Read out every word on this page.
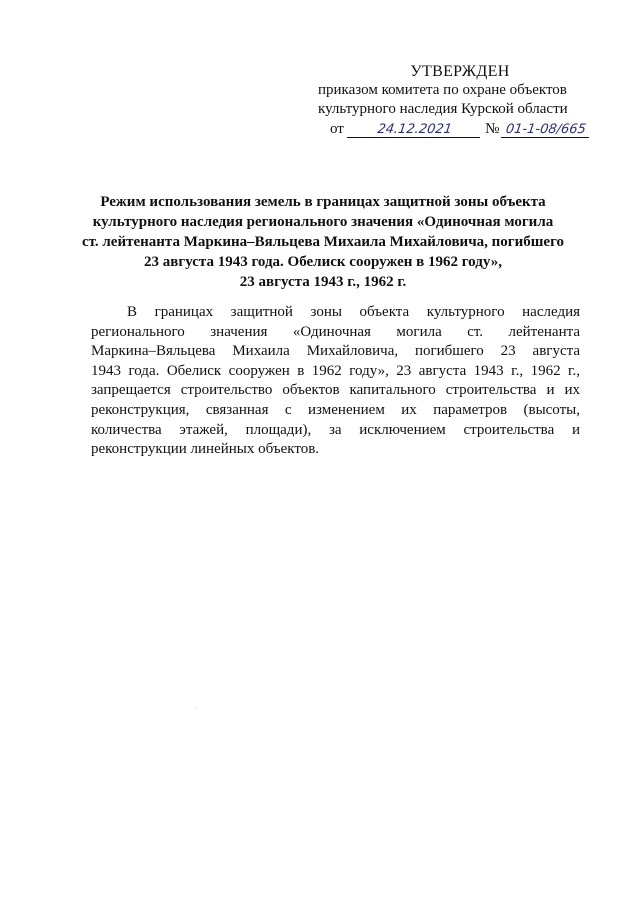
УТВЕРЖДЕН
приказом комитета по охране объектов
культурного наследия Курской области
от	24.12.2021	№ 01-1-08/665
Режим использования земель в границах защитной зоны объекта
культурного наследия регионального значения «Одиночная могила
ст. лейтенанта Маркина–Вяльцева Михаила Михайловича, погибшего
23 августа 1943 года. Обелиск сооружен в 1962 году»,
23 августа 1943 г., 1962 г.
В границах защитной зоны объекта культурного наследия
регионального значения «Одиночная могила ст. лейтенанта
Маркина–Вяльцева Михаила Михайловича, погибшего 23 августа
1943 года. Обелиск сооружен в 1962 году», 23 августа 1943 г., 1962 г.,
запрещается строительство объектов капитального строительства и их
реконструкция, связанная с изменением их параметров (высоты,
количества этажей, площади), за исключением строительства и
реконструкции линейных объектов.
